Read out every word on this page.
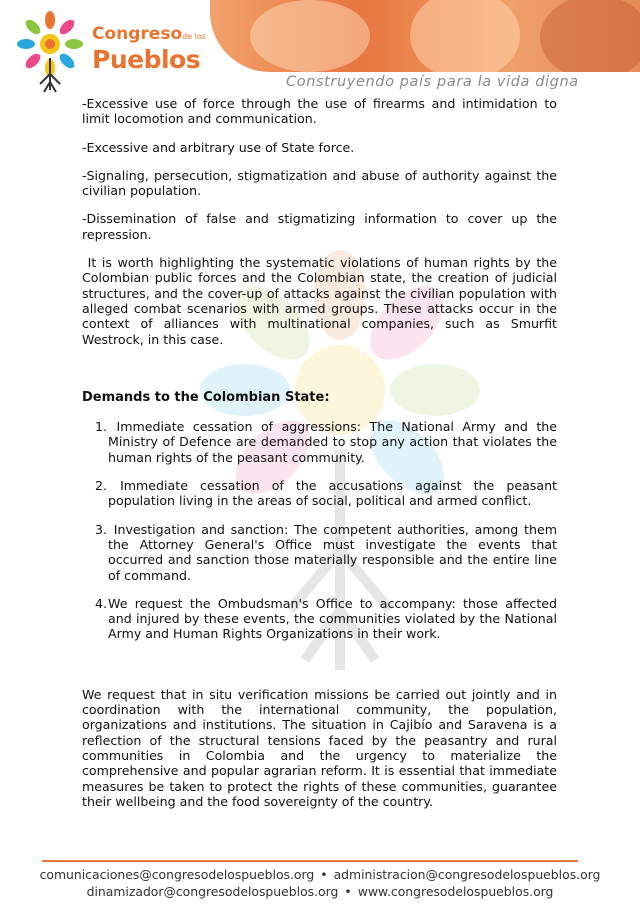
Congresode los
Pueblos
Construyendo país para la vida digna

-Excessive use of force through the use of firearms and intimidation to limit locomotion and communication.

-Excessive and arbitrary use of State force.

-Signaling, persecution, stigmatization and abuse of authority against the civilian population.

-Dissemination of false and stigmatizing information to cover up the repression.

It is worth highlighting the systematic violations of human rights by the Colombian public forces and the Colombian state, the creation of judicial structures, and the cover-up of attacks against the civilian population with alleged combat scenarios with armed groups. These attacks occur in the context of alliances with multinational companies, such as Smurfit Westrock, in this case.

Demands to the Colombian State:

1. Immediate cessation of aggressions: The National Army and the Ministry of Defence are demanded to stop any action that violates the human rights of the peasant community.
2. Immediate cessation of the accusations against the peasant population living in the areas of social, political and armed conflict.
3. Investigation and sanction: The competent authorities, among them the Attorney General's Office must investigate the events that occurred and sanction those materially responsible and the entire line of command.
4. We request the Ombudsman's Office to accompany: those affected and injured by these events, the communities violated by the National Army and Human Rights Organizations in their work.

We request that in situ verification missions be carried out jointly and in coordination with the international community, the population, organizations and institutions. The situation in Cajibío and Saravena is a reflection of the structural tensions faced by the peasantry and rural communities in Colombia and the urgency to materialize the comprehensive and popular agrarian reform. It is essential that immediate measures be taken to protect the rights of these communities, guarantee their wellbeing and the food sovereignty of the country.

comunicaciones@congresodelospueblos.org • administracion@congresodelospueblos.org
dinamizador@congresodelospueblos.org • www.congresodelospueblos.org
